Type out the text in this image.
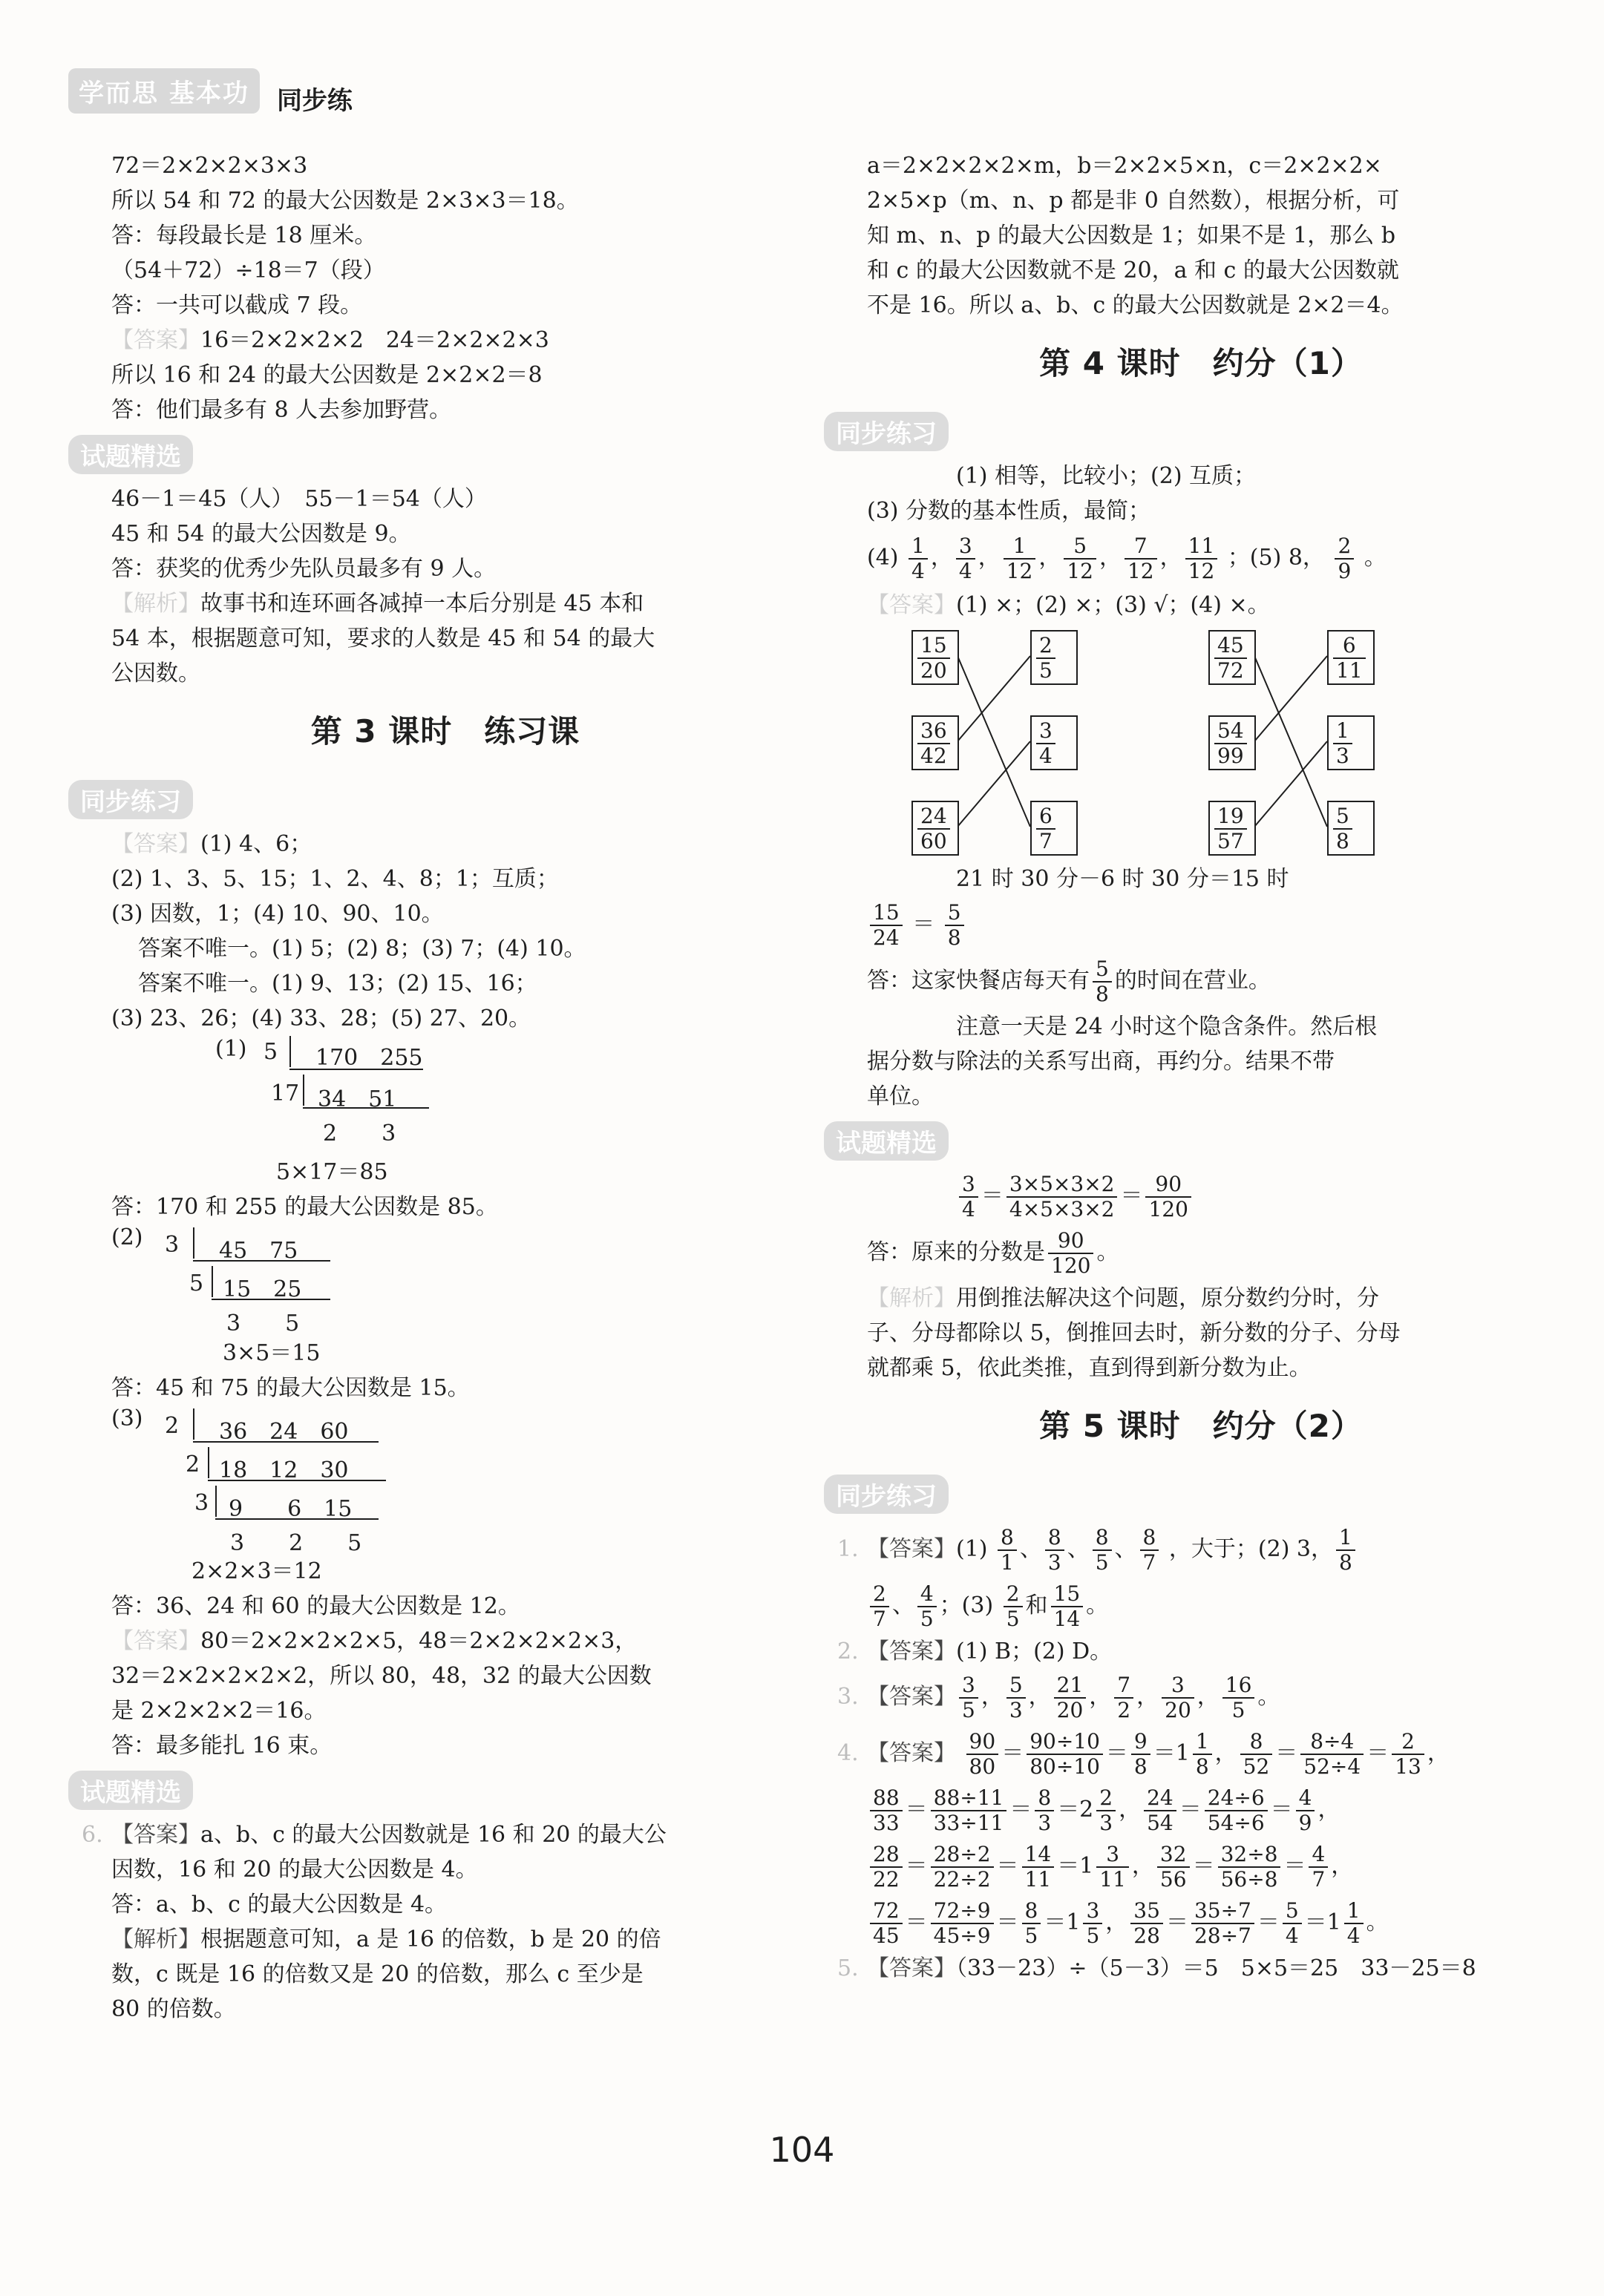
学而思 基本功 同步练
72＝2×2×2×3×3
所以 54 和 72 的最大公因数是 2×3×3＝18。
答：每段最长是 18 厘米。
（54＋72）÷18＝7（段）
答：一共可以截成 7 段。
【答案】16＝2×2×2×2　24＝2×2×2×3
所以 16 和 24 的最大公因数是 2×2×2＝8
答：他们最多有 8 人去参加野营。
试题精选
46－1＝45（人）　55－1＝54（人）
45 和 54 的最大公因数是 9。
答：获奖的优秀少先队员最多有 9 人。
【解析】故事书和连环画各减掉一本后分别是 45 本和
54 本，根据题意可知，要求的人数是 45 和 54 的最大
公因数。
第 3 课时　练习课
同步练习
【答案】(1) 4、6；
(2) 1、3、5、15；1、2、4、8；1；互质；
(3) 因数，1；(4) 10、90、10。
答案不唯一。(1) 5；(2) 8；(3) 7；(4) 10。
答案不唯一。(1) 9、13；(2) 15、16；
(3) 23、26；(4) 33、28；(5) 27、20。
(1) 5 170　255
17 34　51
2　　3
5×17＝85
答：170 和 255 的最大公因数是 85。
(2) 3 45　75
5 15　25
3　　5
3×5＝15
答：45 和 75 的最大公因数是 15。
(3) 2 36　24　60
2 18　12　30
3 9　　6　15
3　　2　　5
2×2×3＝12
答：36、24 和 60 的最大公因数是 12。
【答案】80＝2×2×2×2×5，48＝2×2×2×2×3，
32＝2×2×2×2×2，所以 80，48，32 的最大公因数
是 2×2×2×2＝16。
答：最多能扎 16 束。
试题精选
6. 【答案】a、b、c 的最大公因数就是 16 和 20 的最大公
因数，16 和 20 的最大公因数是 4。
答：a、b、c 的最大公因数是 4。
【解析】根据题意可知，a 是 16 的倍数，b 是 20 的倍
数，c 既是 16 的倍数又是 20 的倍数，那么 c 至少是
80 的倍数。
a＝2×2×2×2×m，b＝2×2×5×n，c＝2×2×2×
2×5×p（m、n、p 都是非 0 自然数），根据分析，可
知 m、n、p 的最大公因数是 1；如果不是 1，那么 b
和 c 的最大公因数就不是 20，a 和 c 的最大公因数就
不是 16。所以 a、b、c 的最大公因数就是 2×2＝4。
第 4 课时　约分（1）
同步练习
(1) 相等，比较小；(2) 互质；
(3) 分数的基本性质，最简；
$(4) \frac{1}{4}$ ， $\frac{3}{4}$ ， $\frac{1}{12}$ ， $\frac{5}{12}$ ， $\frac{7}{12}$ ， $\frac{11}{12}$ ；(5) 8， $\frac{2}{9}$ 。
【答案】(1) ×；(2) ×；(3) √；(4) ×。
$\frac{15}{20}$
$\frac{36}{42}$
$\frac{24}{60}$
$\frac{2}{5}$
$\frac{3}{4}$
$\frac{6}{7}$
$\frac{45}{72}$
$\frac{54}{99}$
$\frac{19}{57}$
$\frac{6}{11}$
$\frac{1}{3}$
$\frac{5}{8}$
21 时 30 分－6 时 30 分＝15 时
$\frac{15}{24} = \frac{5}{8}$
答：这家快餐店每天有 $\frac{5}{8}$ 的时间在营业。
注意一天是 24 小时这个隐含条件。然后根
据分数与除法的关系写出商，再约分。结果不带
单位。
试题精选
$\frac{3}{4} = \frac{3\times 5\times 3\times 2}{4\times 5\times 3\times 2} = \frac{90}{120}$
答：原来的分数是 $\frac{90}{120}$ 。
【解析】用倒推法解决这个问题，原分数约分时，分
子、分母都除以 5，倒推回去时，新分数的分子、分母
就都乘 5，依此类推，直到得到新分数为止。
第 5 课时　约分（2）
同步练习
1. 【答案】$(1) \frac{8}{1}$ 、 $\frac{8}{3}$ 、 $\frac{8}{5}$ 、 $\frac{8}{7}$ ，大于；(2) 3， $\frac{1}{8}$
$\frac{2}{7}$ 、 $\frac{4}{5}$ ；$(3) \frac{2}{5}$ 和 $\frac{15}{14}$ 。
2. 【答案】(1) B；(2) D。
3. 【答案】 $\frac{3}{5}$ ， $\frac{5}{3}$ ， $\frac{21}{20}$ ， $\frac{7}{2}$ ， $\frac{3}{20}$ ， $\frac{16}{5}$ 。
4. 【答案】 $\frac{90}{80} = \frac{90\div 10}{80\div 10} = \frac{9}{8} =1 \frac{1}{8}$ ， $\frac{8}{52} = \frac{8\div 4}{52\div 4} = \frac{2}{13}$ ，
$\frac{88}{33} = \frac{88\div 11}{33\div 11} = \frac{8}{3} =2 \frac{2}{3}$ ， $\frac{24}{54} = \frac{24\div 6}{54\div 6} = \frac{4}{9}$ ，
$\frac{28}{22} = \frac{28\div 2}{22\div 2} = \frac{14}{11} =1 \frac{3}{11}$ ， $\frac{32}{56} = \frac{32\div 8}{56\div 8} = \frac{4}{7}$ ，
$\frac{72}{45} = \frac{72\div 9}{45\div 9} = \frac{8}{5} =1 \frac{3}{5}$ ， $\frac{35}{28} = \frac{35\div 7}{28\div 7} = \frac{5}{4} =1 \frac{1}{4}$ 。
5. 【答案】（33－23）÷（5－3）＝5　5×5＝25　33－25＝8
104
